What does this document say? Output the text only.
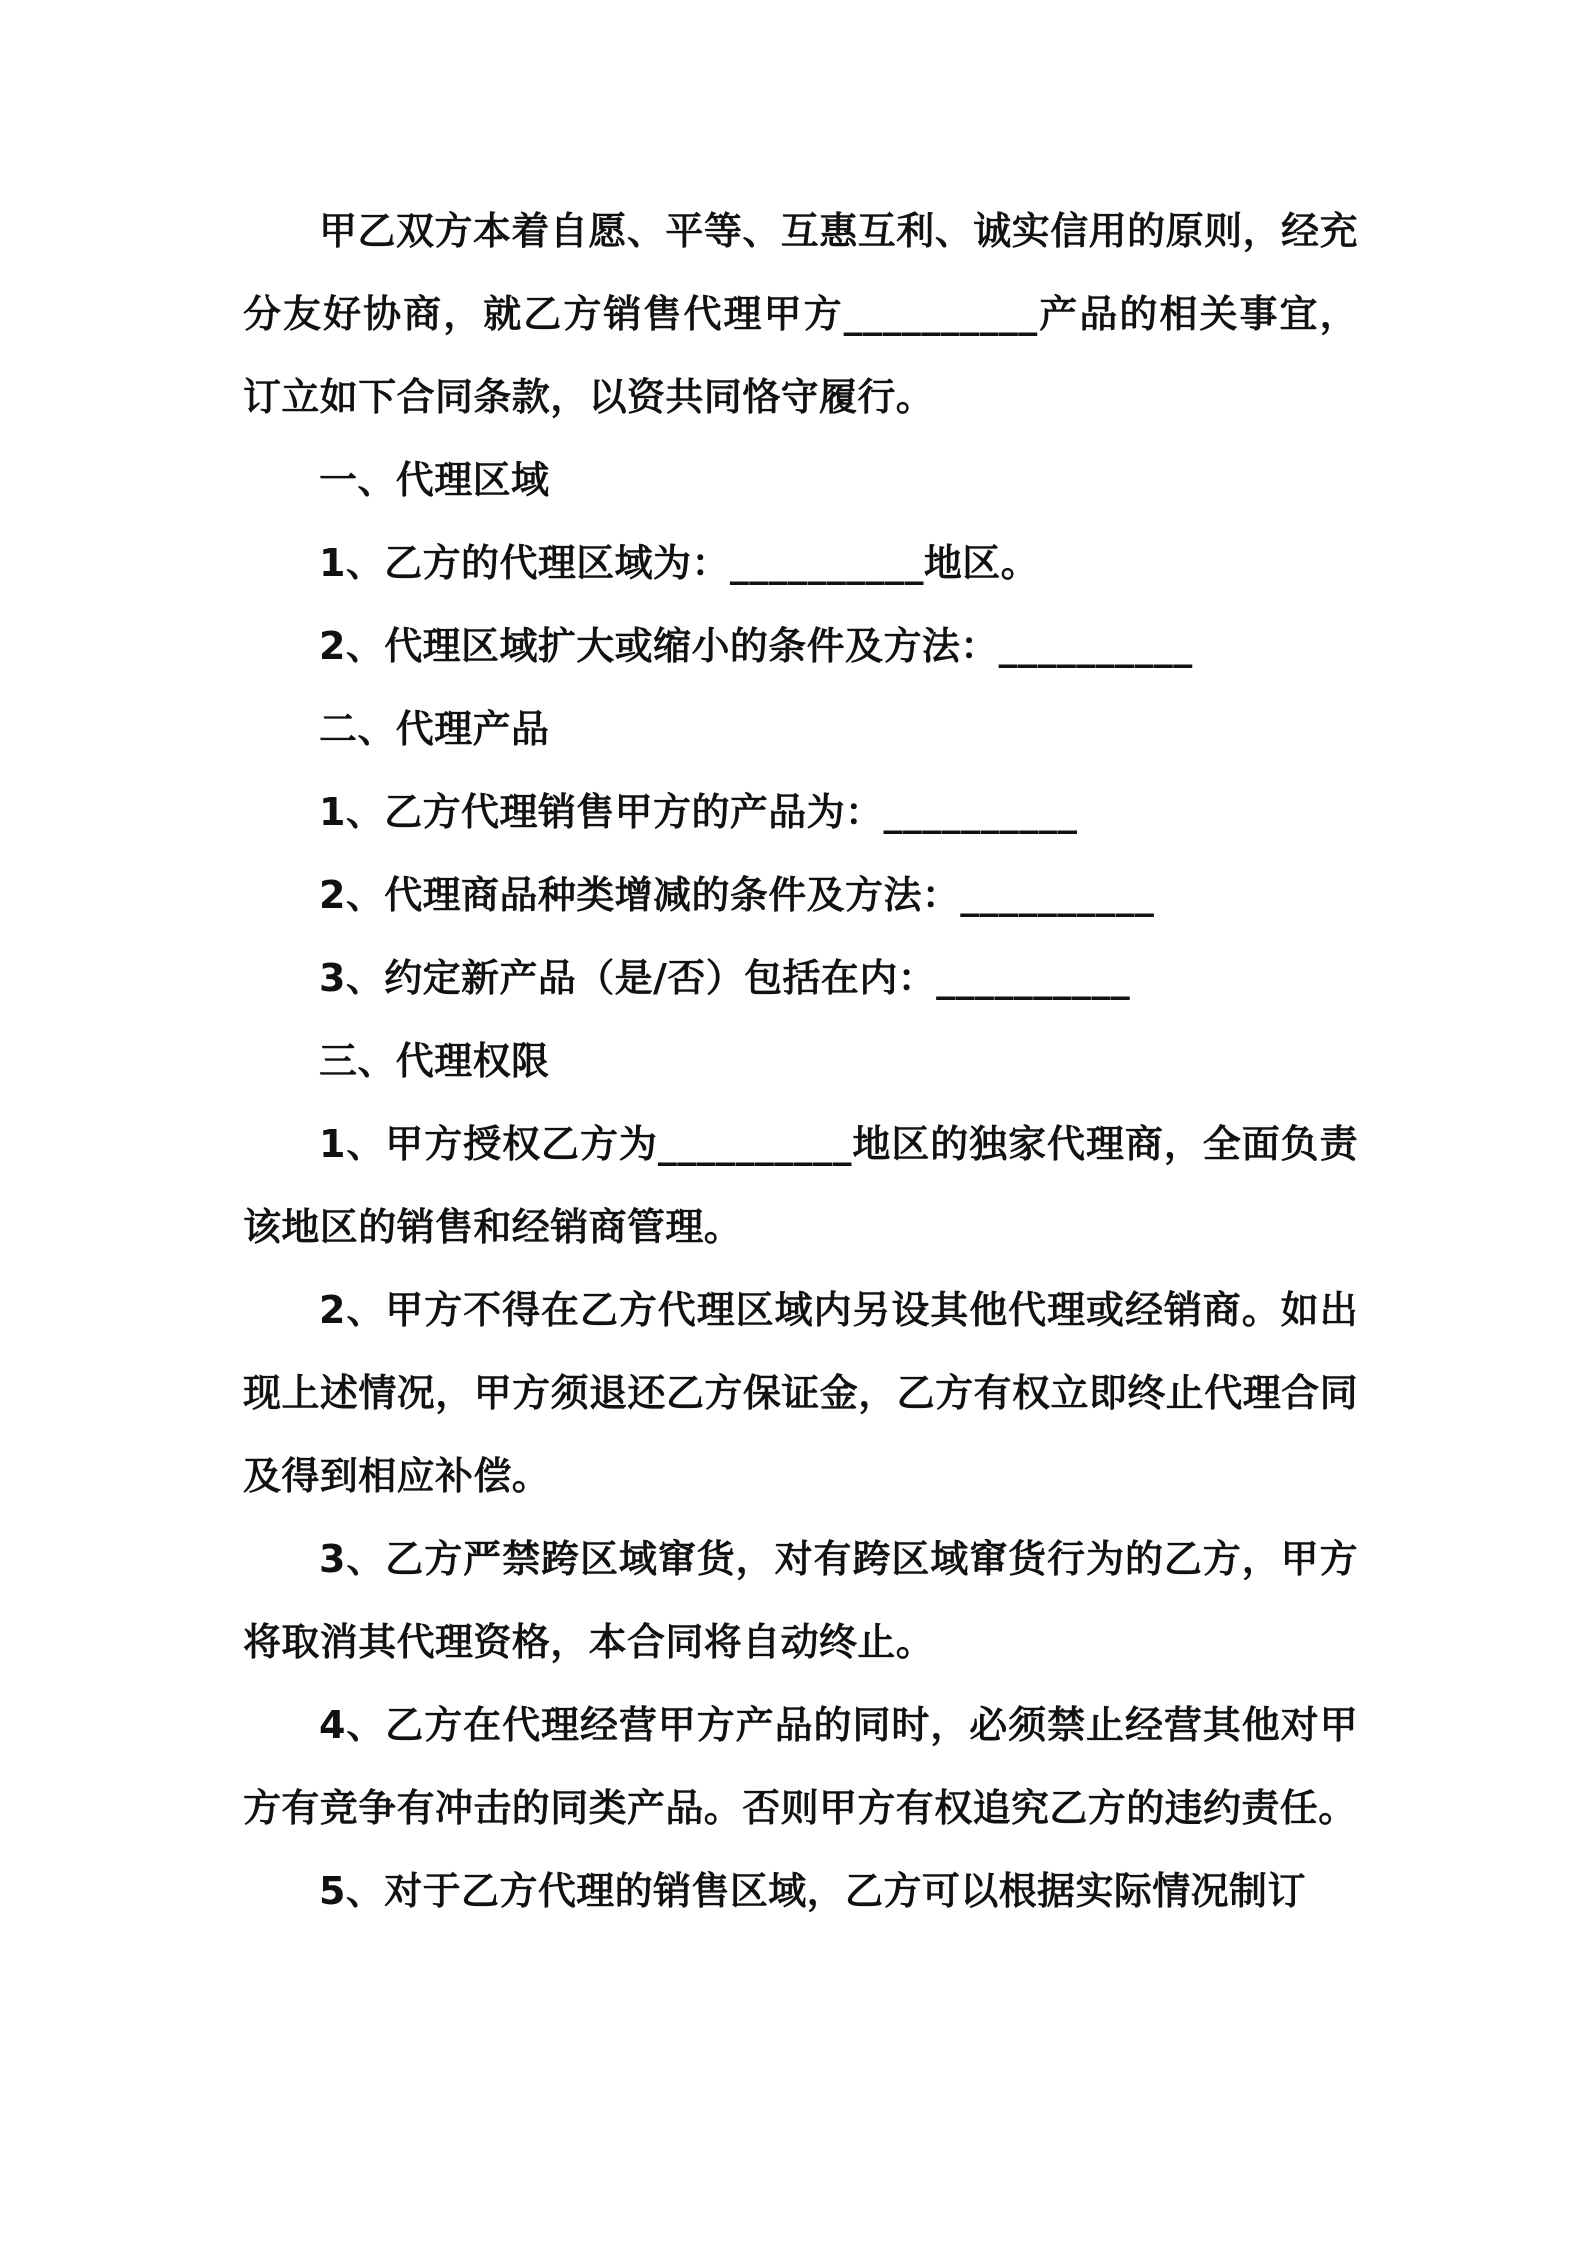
甲乙双方本着自愿、平等、互惠互利、诚实信用的原则，经充分友好协商，就乙方销售代理甲方__________产品的相关事宜，订立如下合同条款，以资共同恪守履行。

一、代理区域

1、乙方的代理区域为：__________地区。

2、代理区域扩大或缩小的条件及方法：__________

二、代理产品

1、乙方代理销售甲方的产品为：__________

2、代理商品种类增减的条件及方法：__________

3、约定新产品（是/否）包括在内：__________

三、代理权限

1、甲方授权乙方为__________地区的独家代理商，全面负责该地区的销售和经销商管理。

2、甲方不得在乙方代理区域内另设其他代理或经销商。如出现上述情况，甲方须退还乙方保证金，乙方有权立即终止代理合同及得到相应补偿。

3、乙方严禁跨区域窜货，对有跨区域窜货行为的乙方，甲方将取消其代理资格，本合同将自动终止。

4、乙方在代理经营甲方产品的同时，必须禁止经营其他对甲方有竞争有冲击的同类产品。否则甲方有权追究乙方的违约责任。

5、对于乙方代理的销售区域，乙方可以根据实际情况制订
